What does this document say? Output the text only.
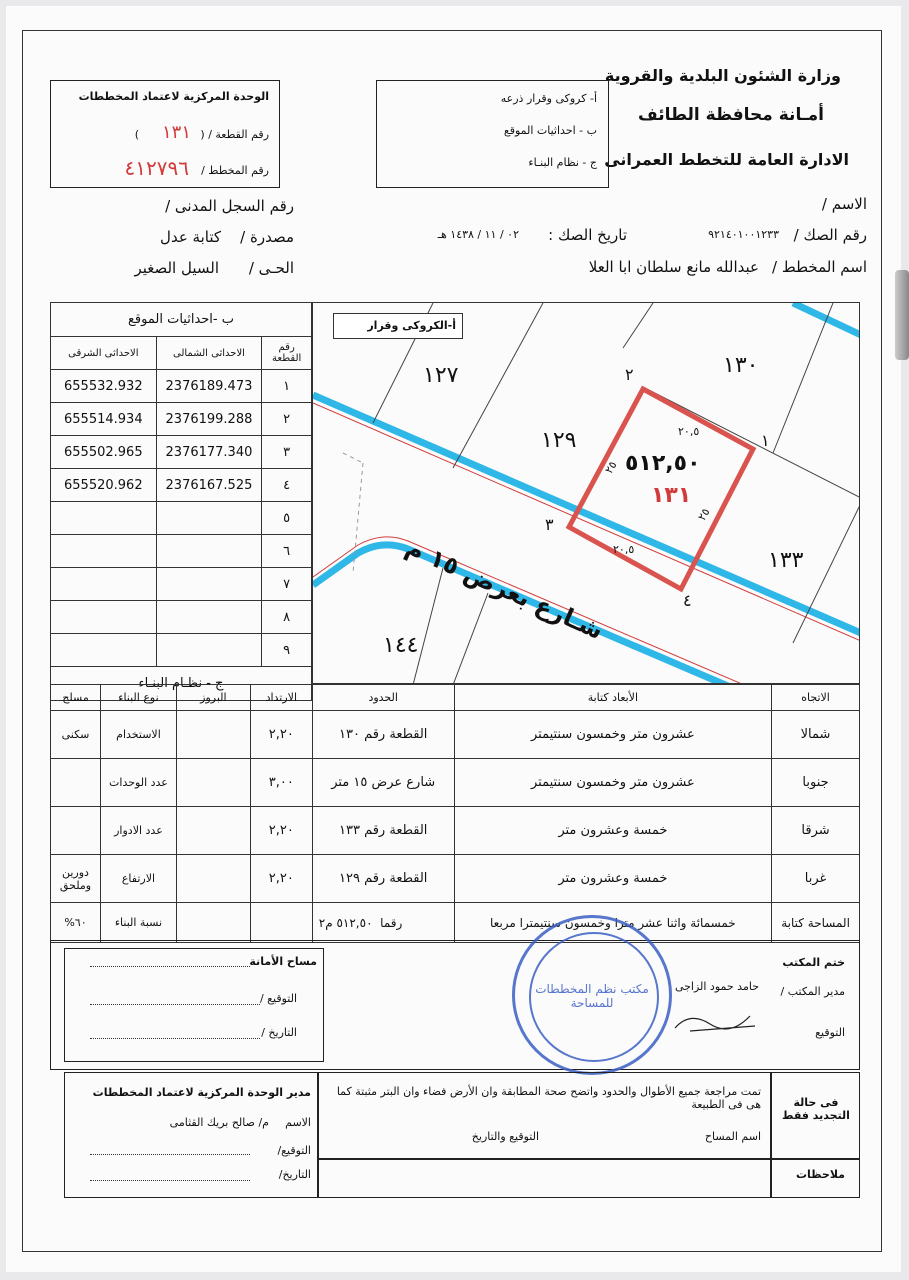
وزارة الشئون البلدية والقروية
أمـانة محافظة الطائف
الادارة العامة للتخطط العمرانى
أ- كروكى وقرار ذرعه
ب - احداثيات الموقع
ج - نظام البنـاء
الوحدة المركزية لاعتماد المخططات
رقم القطعة / (
١٣١
)
رقم المخطط /
٤١٢٧٩٦
الاسم /
رقم الصك /
٩٢١٤٠١٠٠١٢٣٣
تاريخ الصك :
٠٢ / ١١ / ١٤٣٨ هـ
اسم المخطط /
عبدالله مانع سلطان ابا العلا
رقم السجل المدنى /
مصدرة /
كتابة عدل
الحـى /
السيل الصغير
ب -احداثيات الموقع		
رقم القطعة	الاحداثى الشمالى	الاحداثى الشرقى
١	2376189.473	655532.932
٢	2376199.288	655514.934
٣	2376177.340	655502.965
٤	2376167.525	655520.962
٥		
٦		
٧		
٨		
٩		
ج - نظـام البنـاء		
أ-الكروكى وقرار
١٢٧	١٣٠
١٢٩
١٣٣
١٤٤
٥١٢,٥٠
١٣١
١
٢
٣
٤
٢٠,٥
٢٥
٢٥
٢٠,٥
شـارع بعرض ١٥ م
الاتجاه	الأبعاد كتابة	الحدود	الارتداد	البروز	نوع البناء	مسلح
شمالا	عشرون متر وخمسون سنتيمتر	القطعة رقم ١٣٠	٢,٢٠		الاستخدام	سكنى
جنوبا	عشرون متر وخمسون سنتيمتر	شارع عرض ١٥ متر	٣,٠٠		عدد الوحدات	
شرقا	خمسة وعشرون متر	القطعة رقم ١٣٣	٢,٢٠		عدد الادوار	
غربا	خمسة وعشرون متر	القطعة رقم ١٢٩	٢,٢٠		الارتفاع	دورين وملحق
المساحة كتابة	خمسمائة واثنا عشر مترا وخمسون سنتيمترا مربعا	رقما  ٥١٢,٥٠ م٢			نسبة البناء	٦٠%
مساح الأمانة
التوقيع /
التاريخ /
ختم المكتب
مدير المكتب /
حامد حمود الزاجى
التوقيع
مكتب نظم المخططات للمساحة
مدير الوحدة المركزية لاعتماد المخططات
الاسم
م/ صالح بريك القثامى
التوقيع/
التاريخ/
فى حالة التجديد فقط
تمت مراجعة جميع الأطوال والحدود واتضح صحة المطابقة وان الأرض فضاء وان البتر مثبتة كما هى فى الطبيعة
اسم المساح
التوقيع والتاريخ
ملاحظات
